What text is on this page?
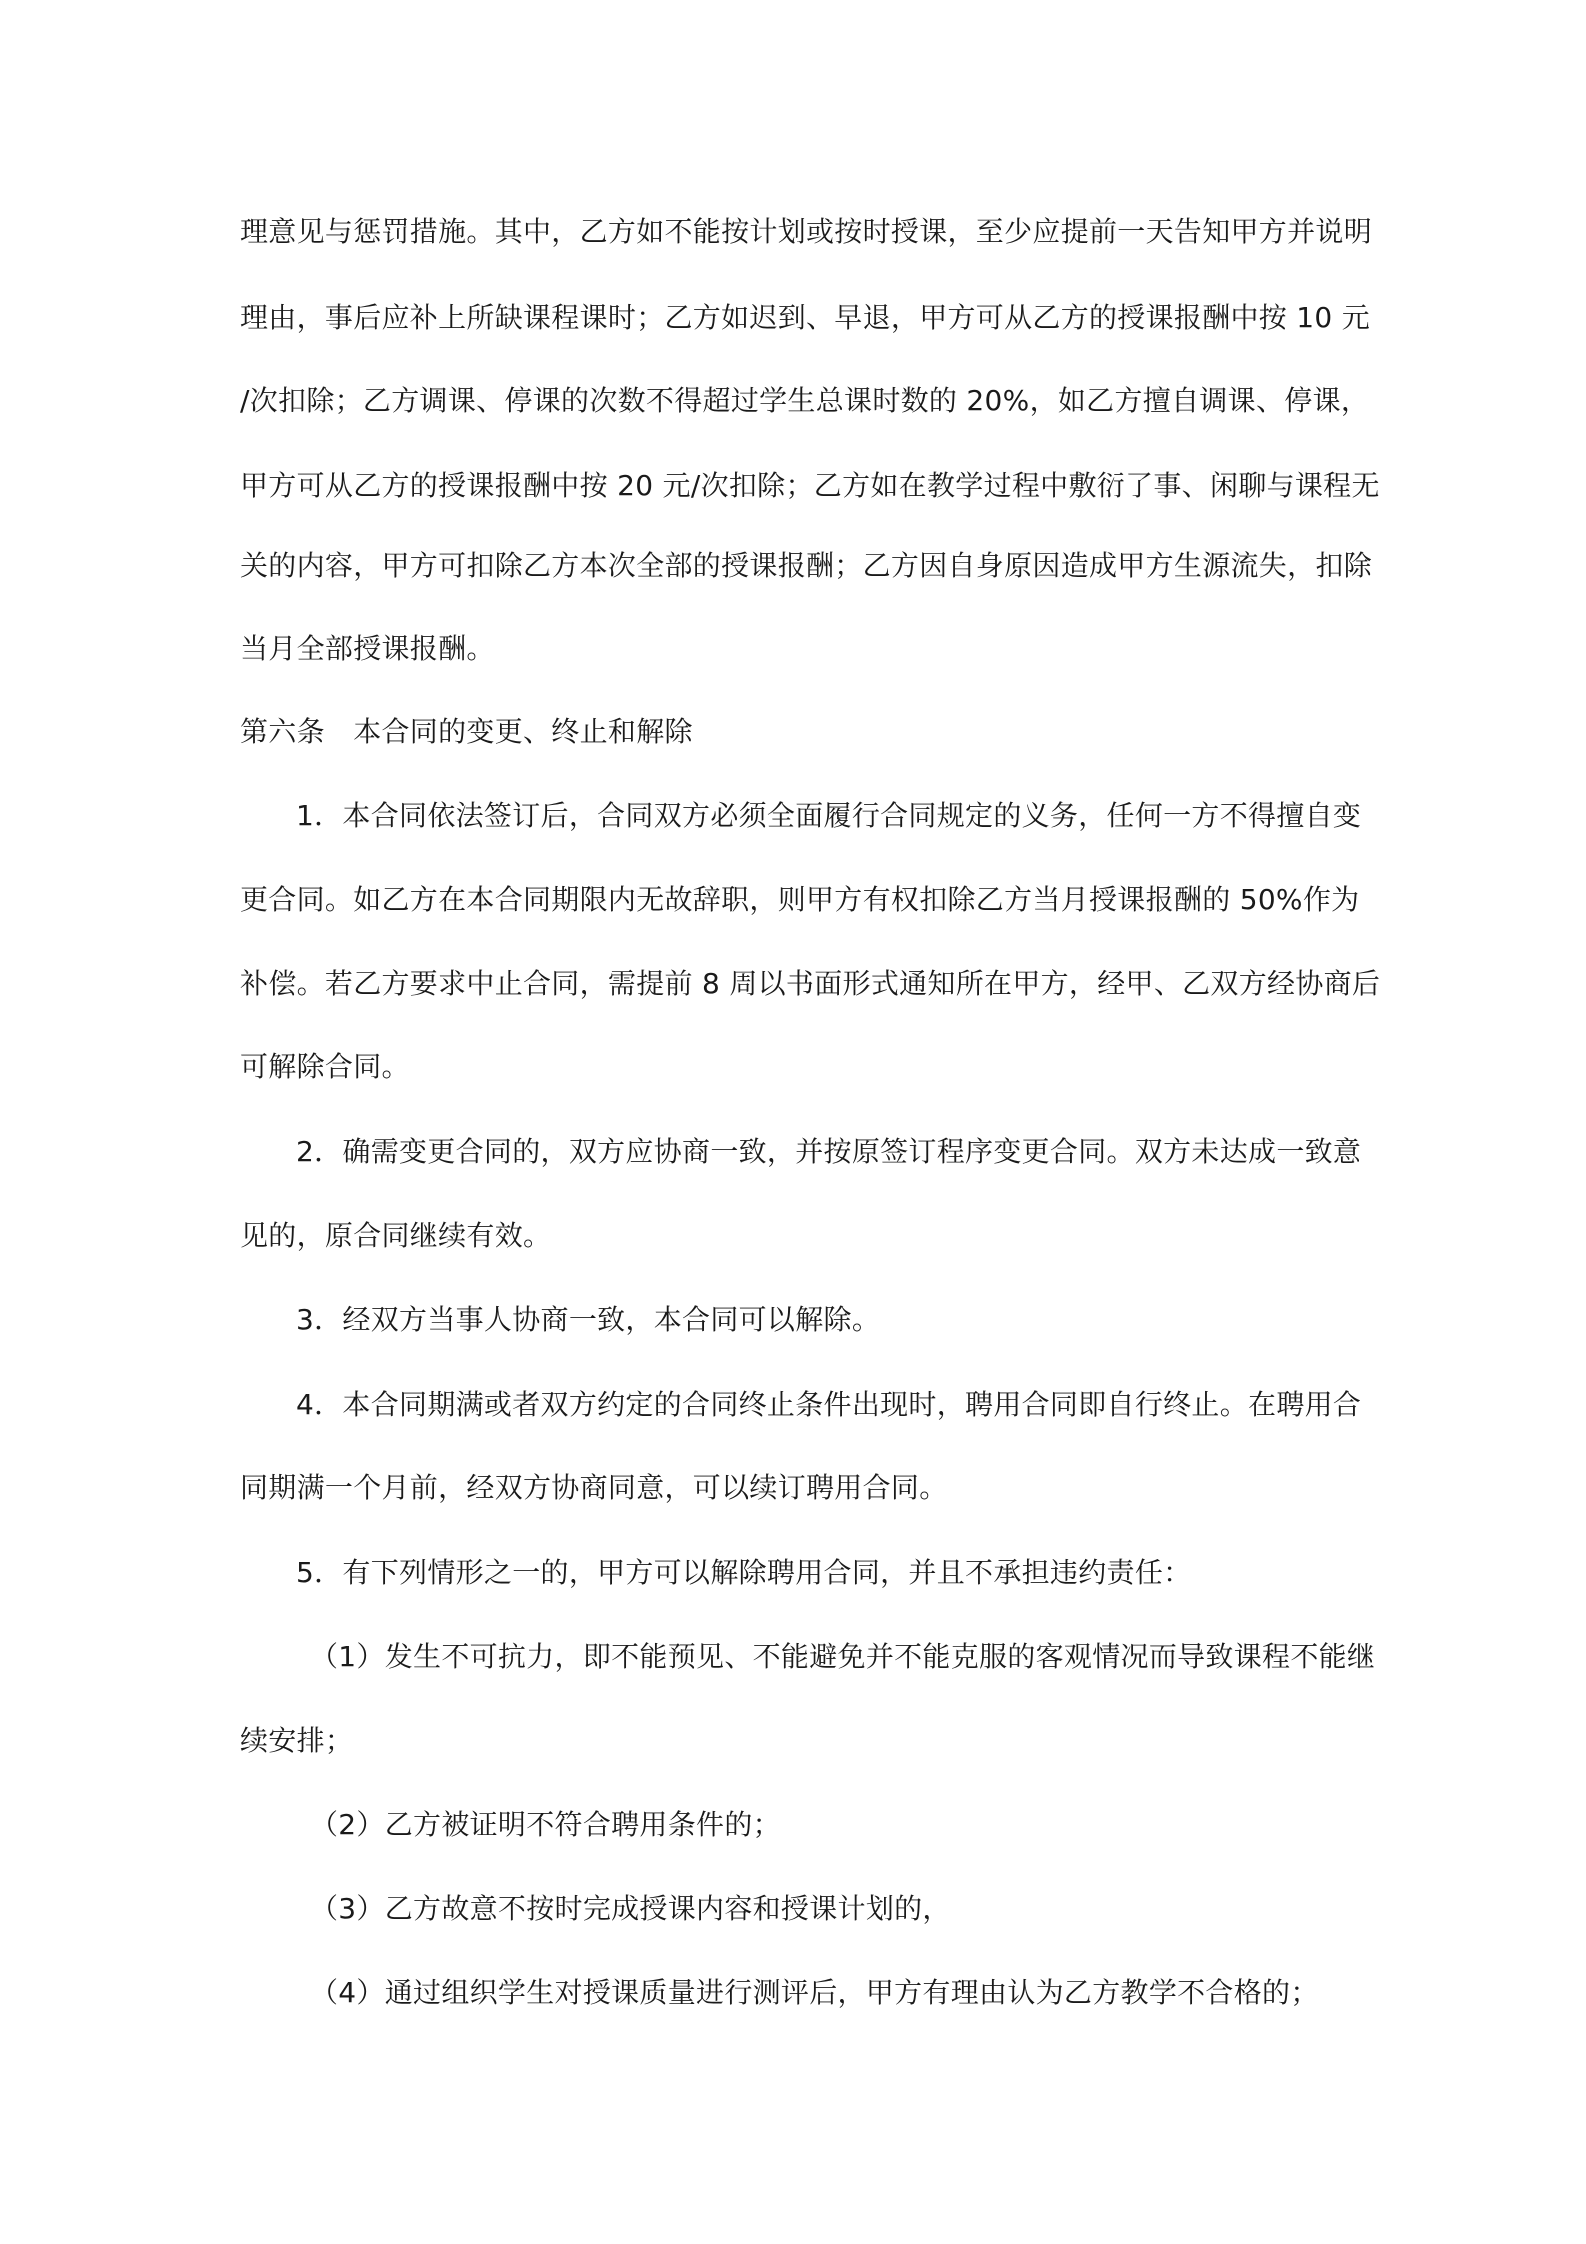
理意见与惩罚措施。其中，乙方如不能按计划或按时授课，至少应提前一天告知甲方并说明
理由，事后应补上所缺课程课时；乙方如迟到、早退，甲方可从乙方的授课报酬中按 10 元
/次扣除；乙方调课、停课的次数不得超过学生总课时数的 20%，如乙方擅自调课、停课，
甲方可从乙方的授课报酬中按 20 元/次扣除；乙方如在教学过程中敷衍了事、闲聊与课程无
关的内容，甲方可扣除乙方本次全部的授课报酬；乙方因自身原因造成甲方生源流失，扣除
当月全部授课报酬。
第六条　本合同的变更、终止和解除
1．本合同依法签订后，合同双方必须全面履行合同规定的义务，任何一方不得擅自变
更合同。如乙方在本合同期限内无故辞职，则甲方有权扣除乙方当月授课报酬的 50%作为
补偿。若乙方要求中止合同，需提前 8 周以书面形式通知所在甲方，经甲、乙双方经协商后
可解除合同。
2．确需变更合同的，双方应协商一致，并按原签订程序变更合同。双方未达成一致意
见的，原合同继续有效。
3．经双方当事人协商一致，本合同可以解除。
4．本合同期满或者双方约定的合同终止条件出现时，聘用合同即自行终止。在聘用合
同期满一个月前，经双方协商同意，可以续订聘用合同。
5．有下列情形之一的，甲方可以解除聘用合同，并且不承担违约责任：
（1）发生不可抗力，即不能预见、不能避免并不能克服的客观情况而导致课程不能继
续安排；
（2）乙方被证明不符合聘用条件的；
（3）乙方故意不按时完成授课内容和授课计划的，
（4）通过组织学生对授课质量进行测评后，甲方有理由认为乙方教学不合格的；
